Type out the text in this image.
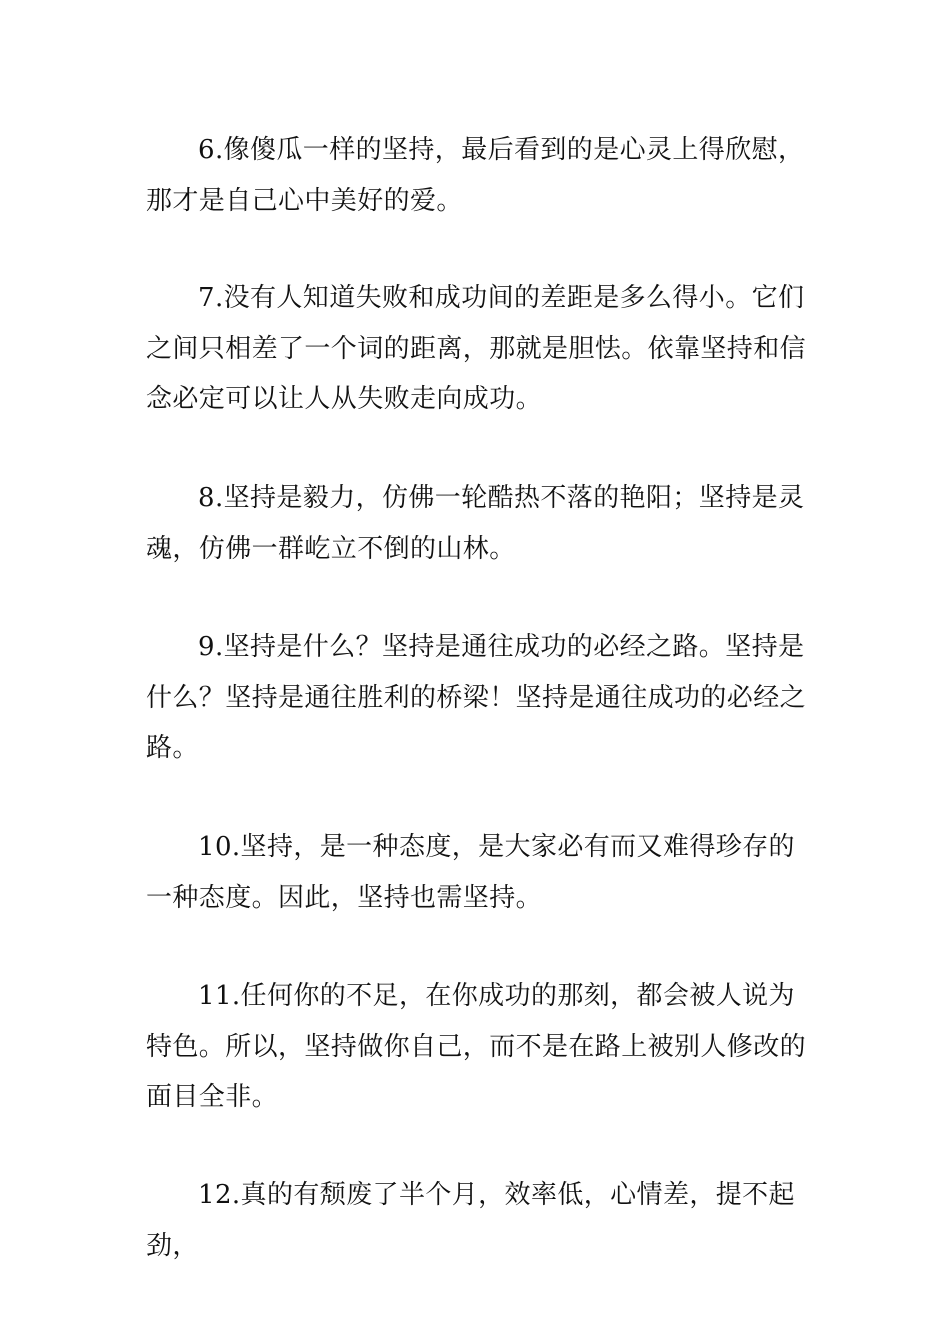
6.像傻瓜一样的坚持，最后看到的是心灵上得欣慰，那才是自己心中美好的爱。

7.没有人知道失败和成功间的差距是多么得小。它们之间只相差了一个词的距离，那就是胆怯。依靠坚持和信念必定可以让人从失败走向成功。

8.坚持是毅力，仿佛一轮酷热不落的艳阳；坚持是灵魂，仿佛一群屹立不倒的山林。

9.坚持是什么？坚持是通往成功的必经之路。坚持是什么？坚持是通往胜利的桥梁！坚持是通往成功的必经之路。

10.坚持，是一种态度，是大家必有而又难得珍存的一种态度。因此，坚持也需坚持。

11.任何你的不足，在你成功的那刻，都会被人说为特色。所以，坚持做你自己，而不是在路上被别人修改的面目全非。

12.真的有颓废了半个月，效率低，心情差，提不起劲，
